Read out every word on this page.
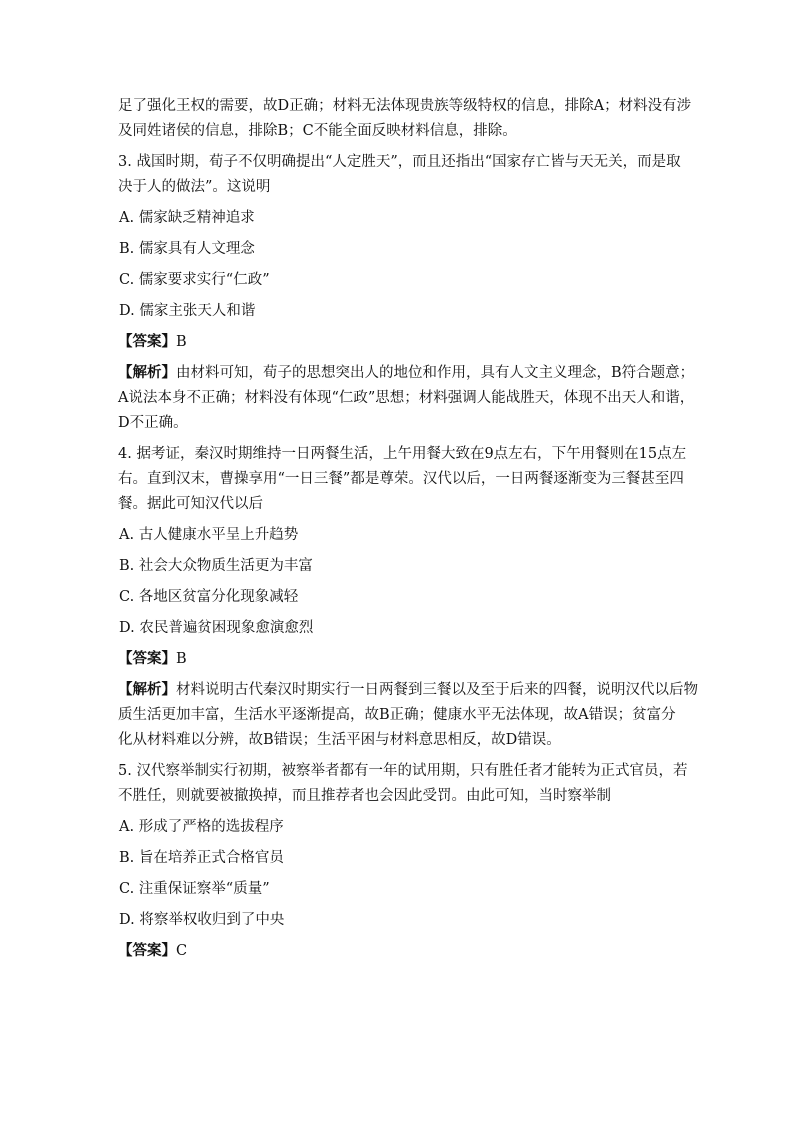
足了强化王权的需要，故D正确；材料无法体现贵族等级特权的信息，排除A；材料没有涉
及同姓诸侯的信息，排除B；C不能全面反映材料信息，排除。
3. 战国时期，荀子不仅明确提出“人定胜天”，而且还指出“国家存亡皆与天无关，而是取
决于人的做法”。这说明
A. 儒家缺乏精神追求
B. 儒家具有人文理念
C. 儒家要求实行“仁政”
D. 儒家主张天人和谐
【答案】B
【解析】由材料可知，荀子的思想突出人的地位和作用，具有人文主义理念，B符合题意；
A说法本身不正确；材料没有体现“仁政”思想；材料强调人能战胜天，体现不出天人和谐，
D不正确。
4. 据考证，秦汉时期维持一日两餐生活，上午用餐大致在9点左右，下午用餐则在15点左
右。直到汉末，曹操享用“一日三餐”都是尊荣。汉代以后，一日两餐逐渐变为三餐甚至四
餐。据此可知汉代以后
A. 古人健康水平呈上升趋势
B. 社会大众物质生活更为丰富
C. 各地区贫富分化现象减轻
D. 农民普遍贫困现象愈演愈烈
【答案】B
【解析】材料说明古代秦汉时期实行一日两餐到三餐以及至于后来的四餐，说明汉代以后物
质生活更加丰富，生活水平逐渐提高，故B正确；健康水平无法体现，故A错误；贫富分
化从材料难以分辨，故B错误；生活平困与材料意思相反，故D错误。
5. 汉代察举制实行初期，被察举者都有一年的试用期，只有胜任者才能转为正式官员，若
不胜任，则就要被撤换掉，而且推荐者也会因此受罚。由此可知，当时察举制
A. 形成了严格的选拔程序
B. 旨在培养正式合格官员
C. 注重保证察举“质量”
D. 将察举权收归到了中央
【答案】C
